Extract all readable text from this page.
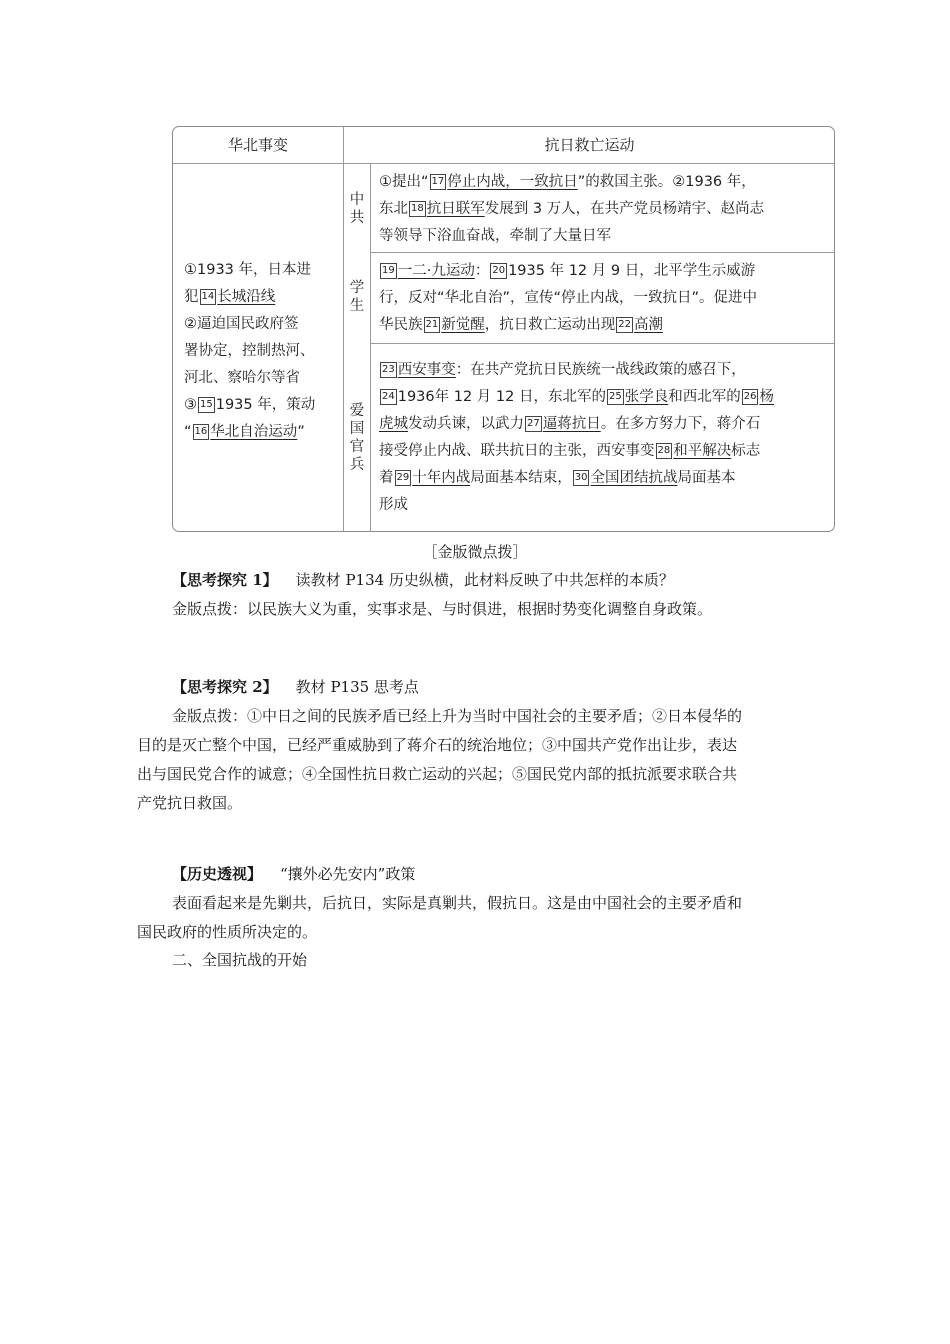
华北事变	抗日救亡运动
①1933 年，日本进
犯 14 长城沿线
②逼迫国民政府签
署协定，控制热河、
河北、察哈尔等省
③ 15 1935 年，策动
“ 16 华北自治运动”
中
共
学
生
爱
国
官
兵
①提出“ 17 停止内战，一致抗日”的救国主张。②1936 年，
东北 18 抗日联军发展到 3 万人，在共产党员杨靖宇、赵尚志
等领导下浴血奋战，牵制了大量日军
19 一二·九运动： 20 1935 年 12 月 9 日，北平学生示威游
行，反对“华北自治”，宣传“停止内战，一致抗日”。促进中
华民族 21 新觉醒，抗日救亡运动出现 22 高潮
23 西安事变：在共产党抗日民族统一战线政策的感召下，
24 1936年 12 月 12 日，东北军的 25 张学良和西北军的 26 杨
虎城发动兵谏，以武力 27 逼蒋抗日。在多方努力下，蒋介石
接受停止内战、联共抗日的主张，西安事变 28 和平解决标志
着 29 十年内战局面基本结束， 30 全国团结抗战局面基本
形成
［金版微点拨］
【思考探究 1】 读教材 P134 历史纵横，此材料反映了中共怎样的本质？
金版点拨：以民族大义为重，实事求是、与时俱进，根据时势变化调整自身政策。
【思考探究 2】 教材 P135 思考点
金版点拨：①中日之间的民族矛盾已经上升为当时中国社会的主要矛盾；②日本侵华的
目的是灭亡整个中国，已经严重威胁到了蒋介石的统治地位；③中国共产党作出让步，表达
出与国民党合作的诚意；④全国性抗日救亡运动的兴起；⑤国民党内部的抵抗派要求联合共
产党抗日救国。
【历史透视】 “攘外必先安内”政策
表面看起来是先剿共，后抗日，实际是真剿共，假抗日。这是由中国社会的主要矛盾和
国民政府的性质所决定的。
二、全国抗战的开始
